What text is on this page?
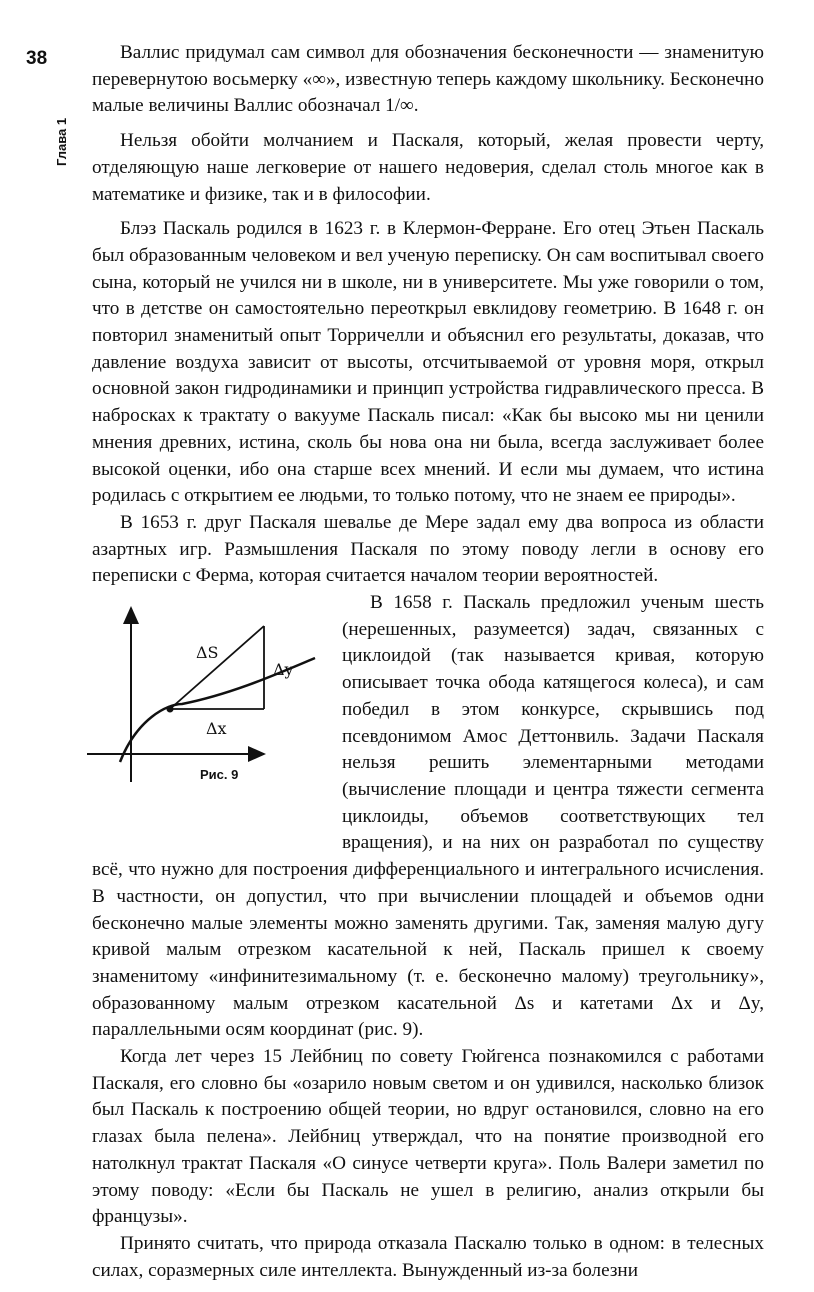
38
Глава 1

Валлис придумал сам символ для обозначения бесконечности — знаменитую перевернутою восьмерку «∞», известную теперь каждому школьнику. Бесконечно малые величины Валлис обозначал 1/∞.

Нельзя обойти молчанием и Паскаля, который, желая провести черту, отделяющую наше легковерие от нашего недоверия, сделал столь многое как в математике и физике, так и в философии.

Блэз Паскаль родился в 1623 г. в Клермон-Ферране. Его отец Этьен Паскаль был образованным человеком и вел ученую переписку. Он сам воспитывал своего сына, который не учился ни в школе, ни в университете. Мы уже говорили о том, что в детстве он самостоятельно переоткрыл евклидову геометрию. В 1648 г. он повторил знаменитый опыт Торричелли и объяснил его результаты, доказав, что давление воздуха зависит от высоты, отсчитываемой от уровня моря, открыл основной закон гидродинамики и принцип устройства гидравлического пресса. В набросках к трактату о вакууме Паскаль писал: «Как бы высоко мы ни ценили мнения древних, истина, сколь бы нова она ни была, всегда заслуживает более высокой оценки, ибо она старше всех мнений. И если мы думаем, что истина родилась с открытием ее людьми, то только потому, что не знаем ее природы».

В 1653 г. друг Паскаля шевалье де Мере задал ему два вопроса из области азартных игр. Размышления Паскаля по этому поводу легли в основу его переписки с Ферма, которая считается началом теории вероятностей.

ΔS
Δy
Δx
Рис. 9
В 1658 г. Паскаль предложил ученым шесть (нерешенных, разумеется) задач, связанных с циклоидой (так называется кривая, которую описывает точка обода катящегося колеса), и сам победил в этом конкурсе, скрывшись под псевдонимом Амос Деттонвиль. Задачи Паскаля нельзя решить элементарными методами (вычисление площади и центра тяжести сегмента циклоиды, объемов соответствующих тел вращения), и на них он разработал по существу всё, что нужно для построения дифференциального и интегрального исчисления. В частности, он допустил, что при вычислении площадей и объемов одни бесконечно малые элементы можно заменять другими. Так, заменяя малую дугу кривой малым отрезком касательной к ней, Паскаль пришел к своему знаменитому «инфинитезимальному (т. е. бесконечно малому) треугольнику», образованному малым отрезком касательной Δs и катетами Δx и Δy, параллельными осям координат (рис. 9).

Когда лет через 15 Лейбниц по совету Гюйгенса познакомился с работами Паскаля, его словно бы «озарило новым светом и он удивился, насколько близок был Паскаль к построению общей теории, но вдруг остановился, словно на его глазах была пелена». Лейбниц утверждал, что на понятие производной его натолкнул трактат Паскаля «О синусе четверти круга». Поль Валери заметил по этому поводу: «Если бы Паскаль не ушел в религию, анализ открыли бы французы».

Принято считать, что природа отказала Паскалю только в одном: в телесных силах, соразмерных силе интеллекта. Вынужденный из-за болезни
